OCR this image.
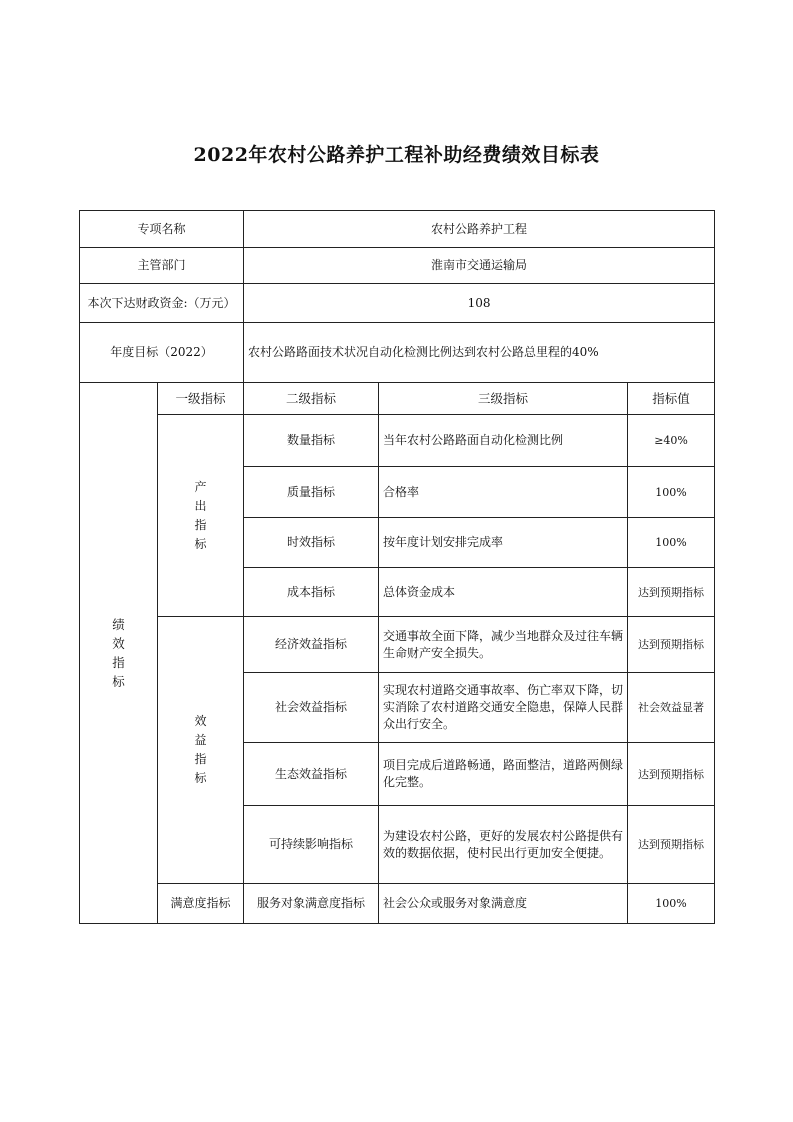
2022年农村公路养护工程补助经费绩效目标表
专项名称		农村公路养护工程		
主管部门		淮南市交通运输局		
本次下达财政资金:（万元）		108		
年度目标（2022）		农村公路路面技术状况自动化检测比例达到农村公路总里程的40%		
绩效指标	一级指标	二级指标	三级指标	指标值
	产出指标	数量指标	当年农村公路路面自动化检测比例	≥40%
		质量指标	合格率	100%
		时效指标	按年度计划安排完成率	100%
		成本指标	总体资金成本	达到预期指标
	效益指标	经济效益指标	交通事故全面下降，减少当地群众及过往车辆生命财产安全损失。	达到预期指标
		社会效益指标	实现农村道路交通事故率、伤亡率双下降，切实消除了农村道路交通安全隐患，保障人民群众出行安全。	社会效益显著
		生态效益指标	项目完成后道路畅通，路面整洁，道路两侧绿化完整。	达到预期指标
		可持续影响指标	为建设农村公路，更好的发展农村公路提供有效的数据依据，使村民出行更加安全便捷。	达到预期指标
	满意度指标	服务对象满意度指标	社会公众或服务对象满意度	100%
